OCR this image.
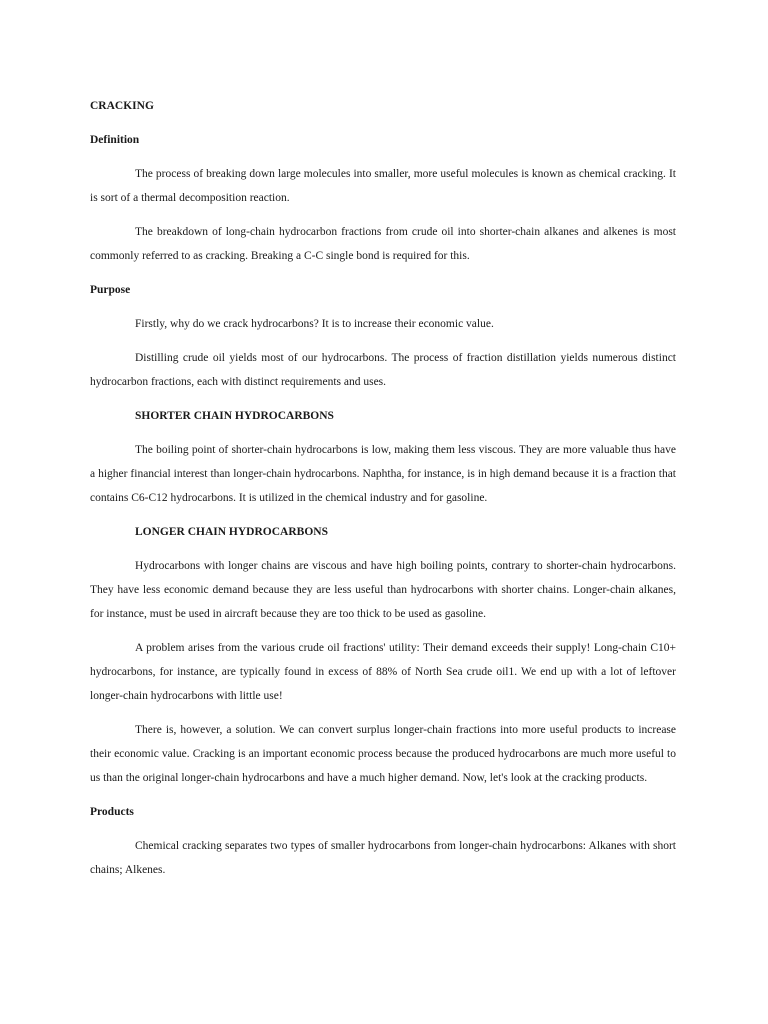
CRACKING
Definition

The process of breaking down large molecules into smaller, more useful molecules is known as chemical cracking. It is sort of a thermal decomposition reaction.

The breakdown of long-chain hydrocarbon fractions from crude oil into shorter-chain alkanes and alkenes is most commonly referred to as cracking. Breaking a C-C single bond is required for this.

Purpose

Firstly, why do we crack hydrocarbons? It is to increase their economic value.

Distilling crude oil yields most of our hydrocarbons. The process of fraction distillation yields numerous distinct hydrocarbon fractions, each with distinct requirements and uses.

SHORTER CHAIN HYDROCARBONS

The boiling point of shorter-chain hydrocarbons is low, making them less viscous. They are more valuable thus have a higher financial interest than longer-chain hydrocarbons. Naphtha, for instance, is in high demand because it is a fraction that contains C6-C12 hydrocarbons. It is utilized in the chemical industry and for gasoline.

LONGER CHAIN HYDROCARBONS

Hydrocarbons with longer chains are viscous and have high boiling points, contrary to shorter-chain hydrocarbons. They have less economic demand because they are less useful than hydrocarbons with shorter chains. Longer-chain alkanes, for instance, must be used in aircraft because they are too thick to be used as gasoline.

A problem arises from the various crude oil fractions' utility: Their demand exceeds their supply! Long-chain C10+ hydrocarbons, for instance, are typically found in excess of 88% of North Sea crude oil1. We end up with a lot of leftover longer-chain hydrocarbons with little use!

There is, however, a solution. We can convert surplus longer-chain fractions into more useful products to increase their economic value. Cracking is an important economic process because the produced hydrocarbons are much more useful to us than the original longer-chain hydrocarbons and have a much higher demand. Now, let's look at the cracking products.

Products

Chemical cracking separates two types of smaller hydrocarbons from longer-chain hydrocarbons: Alkanes with short chains; Alkenes.
